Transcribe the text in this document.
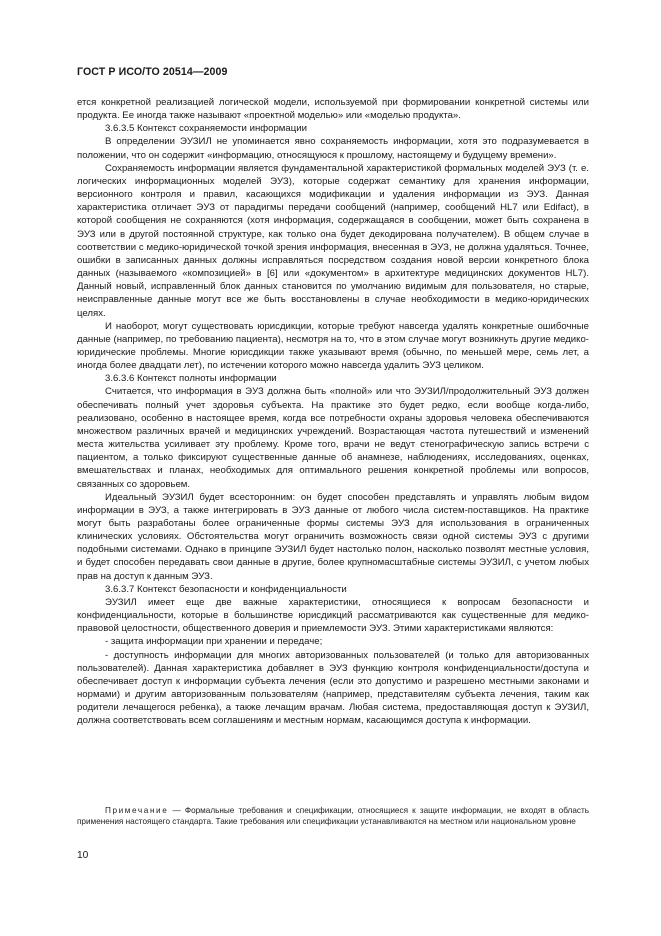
ГОСТ Р ИСО/ТО 20514—2009

ется конкретной реализацией логической модели, используемой при формировании конкретной системы или продукта. Ее иногда также называют «проектной моделью» или «моделью продукта».

3.6.3.5 Контекст сохраняемости информации

В определении ЭУЗИЛ не упоминается явно сохраняемость информации, хотя это подразумевается в положении, что он содержит «информацию, относящуюся к прошлому, настоящему и будущему времени».

Сохраняемость информации является фундаментальной характеристикой формальных моделей ЭУЗ (т. е. логических информационных моделей ЭУЗ), которые содержат семантику для хранения информации, версионного контроля и правил, касающихся модификации и удаления информации из ЭУЗ. Данная характеристика отличает ЭУЗ от парадигмы передачи сообщений (например, сообщений HL7 или Edifact), в которой сообщения не сохраняются (хотя информация, содержащаяся в сообщении, может быть сохранена в ЭУЗ или в другой постоянной структуре, как только она будет декодирована получателем). В общем случае в соответствии с медико-юридической точкой зрения информация, внесенная в ЭУЗ, не должна удаляться. Точнее, ошибки в записанных данных должны исправляться посредством создания новой версии конкретного блока данных (называемого «композицией» в [6] или «документом» в архитектуре медицинских документов HL7). Данный новый, исправленный блок данных становится по умолчанию видимым для пользователя, но старые, неисправленные данные могут все же быть восстановлены в случае необходимости в медико-юридических целях.

И наоборот, могут существовать юрисдикции, которые требуют навсегда удалять конкретные ошибочные данные (например, по требованию пациента), несмотря на то, что в этом случае могут возникнуть другие медико-юридические проблемы. Многие юрисдикции также указывают время (обычно, по меньшей мере, семь лет, а иногда более двадцати лет), по истечении которого можно навсегда удалить ЭУЗ целиком.

3.6.3.6 Контекст полноты информации

Считается, что информация в ЭУЗ должна быть «полной» или что ЭУЗИЛ/продолжительный ЭУЗ должен обеспечивать полный учет здоровья субъекта. На практике это будет редко, если вообще когда-либо, реализовано, особенно в настоящее время, когда все потребности охраны здоровья человека обеспечиваются множеством различных врачей и медицинских учреждений. Возрастающая частота путешествий и изменений места жительства усиливает эту проблему. Кроме того, врачи не ведут стенографическую запись встречи с пациентом, а только фиксируют существенные данные об анамнезе, наблюдениях, исследованиях, оценках, вмешательствах и планах, необходимых для оптимального решения конкретной проблемы или вопросов, связанных со здоровьем.

Идеальный ЭУЗИЛ будет всесторонним: он будет способен представлять и управлять любым видом информации в ЭУЗ, а также интегрировать в ЭУЗ данные от любого числа систем-поставщиков. На практике могут быть разработаны более ограниченные формы системы ЭУЗ для использования в ограниченных клинических условиях. Обстоятельства могут ограничить возможность связи одной системы ЭУЗ с другими подобными системами. Однако в принципе ЭУЗИЛ будет настолько полон, насколько позволят местные условия, и будет способен передавать свои данные в другие, более крупномасштабные системы ЭУЗИЛ, с учетом любых прав на доступ к данным ЭУЗ.

3.6.3.7 Контекст безопасности и конфиденциальности

ЭУЗИЛ имеет еще две важные характеристики, относящиеся к вопросам безопасности и конфиденциальности, которые в большинстве юрисдикций рассматриваются как существенные для медико-правовой целостности, общественного доверия и приемлемости ЭУЗ. Этими характеристиками являются:

- защита информации при хранении и передаче;

- доступность информации для многих авторизованных пользователей (и только для авторизованных пользователей). Данная характеристика добавляет в ЭУЗ функцию контроля конфиденциальности/доступа и обеспечивает доступ к информации субъекта лечения (если это допустимо и разрешено местными законами и нормами) и другим авторизованным пользователям (например, представителям субъекта лечения, таким как родители лечащегося ребенка), а также лечащим врачам. Любая система, предоставляющая доступ к ЭУЗИЛ, должна соответствовать всем соглашениям и местным нормам, касающимся доступа к информации.

Примечание — Формальные требования и спецификации, относящиеся к защите информации, не входят в область применения настоящего стандарта. Такие требования или спецификации устанавливаются на местном или национальном уровне
10
